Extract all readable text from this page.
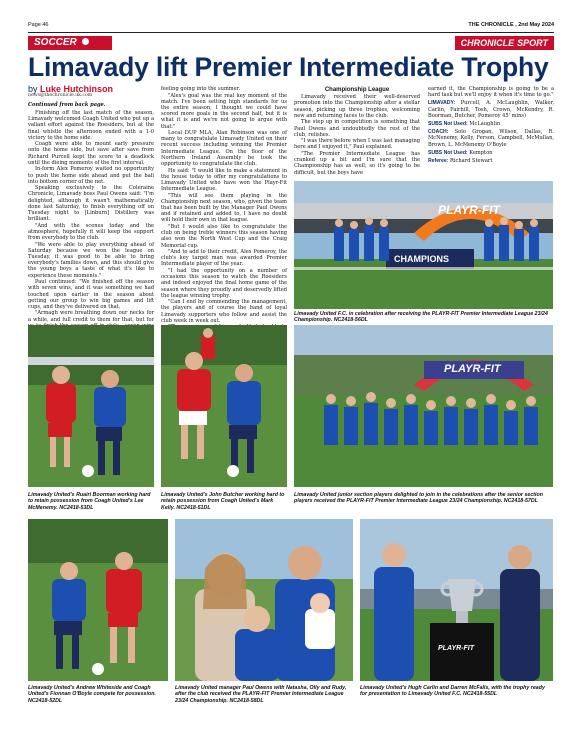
Page 46	THE CHRONICLE , 2nd May 2024
SOCCER	CHRONICLE SPORT
Limavady lift Premier Intermediate Trophy

by Luke Hutchinson

news@thechronicle.uk.com

Continued from back page.

Finishing off the last match of the season, Limavady welcomed Coagh United who put up a valiant effort against the Roesiders, but at the final whistle the afternoon ended with a 1-0 victory to the home side.

Coagh were able to mount early pressure onto the home side, but save after save from Richard Purcell kept the score to a deadlock until the dieing moments of the first interval.

In-form Alex Pomeroy waited no opportunity to push the home side ahead and put the ball into bottom corner of the net.

Speaking exclusively to the Coleraine Chronicle, Limavady boss Paul Owens said: "I'm delighted, although it wasn't mathematically done last Saturday, to finish everything off on Tuesday night to [Linburn] Distillery was brilliant.

"And with the scenes today and the atmosphere, hopefully it will keep the support from everybody to the club.

"We were able to play everything ahead of Saturday because we won the league on Tuesday, it was good to be able to bring everybody's families down, and this should give the young boys a taste of what it's like to experience these moments."

Paul continued: "We finished off the season with seven wins, and it was something we had touched upon earlier in the season about getting our group to win big games and lift cups, and they've delivered on that.

"Armagh were breathing down our necks for a while, and full credit to them for that, but for

feeling going into the summer.

"Alex's goal was the real key moment of the match. I've been setting high standards for us the entire season, I thought we could have scored more goals in the second half, but it is what it is and we're not going to argue with that."

Local DUP MLA, Alan Robinson was one of many to congratulate Limavady United on their recent success including winning the Premier Intermediate League. On the floor of the Northern Ireland Assembly he took the opportunity to congratulate the club.

He said: "I would like to make a statement in the house today to offer my congratulations to Limavady United who have won the Playr-Fit Intermediate League.

"This will see them playing in the Championship next season, who, given the team that has been built by the Manager Paul Owens and if retained and added to, I have no doubt will hold their own in that league.

"But I would also like to congratulate the club on being treble winners this season having also won the North West Cup and the Craig Memorial cup.

"And to add to their credit, Alex Pomeroy, the club's key target man was awarded Premier Intermediate player of the year.

"I had the opportunity on a number of occasions this season to watch the Roesiders and indeed enjoyed the final home game of the season where they proudly and deservedly lifted the league winning trophy.

"Can I end by commending the management, the players and of course the band of loyal Limavady supporters who follow and assist the club week in week out.

Championship League

Limavady received their well-deserved promotion into the Championship after a stellar season, picking up three trophies, welcoming new and returning faces to the club.

The step up in competition is something that Paul Owens and undoubtedly the rest of the club, relishes.

"I was there before when I was last managing here and I enjoyed it," Paul explained.

"The Premier Intermediate League has cranked up a bit and I'm sure that the Championship has as well, so it's going to be difficult, but the boys have

earned it, the Championship is going to be a hard task but we'll enjoy it when it's time to go."

LIMAVADY: Purcell, A. McLaughlin, Walker, Carlin, Fairhill, Tosh, Crown, McKendry, R. Boorman, Butcher, Pomeroy 45' mins)

SUBS Not Used: McLaughlin

COACH: Solo Grogan, Wilson, Dallas, R. McNenemy, Kelly, Ferson, Campbell, McMullan, Brown, L. McMenemy O'Boyle

SUBS Not Used: Kempton

Referee: Richard Stewart

PLAYR-FIT
CHAMPIONS
Limavady United F.C. in celebration after receiving the PLAYR-FIT Premier Intermediate League 23/24 Championship. NC2418-56DL
Limavady United's Ruairi Boorman working hard to retain possession from Coagh United's Lee McMenemy. NC2418-53DL
Limavady United's John Butcher working hard to retain possession from Coagh United's Mark Kelly. NC2418-51DL
PLAYR-FIT
Limavady United junior section players delighted to join in the celebrations after the senior section players received the PLAYR-FIT Premier Intermediate League 23/24 Championship. NC2418-57DL
Limavady United's Andrew Whiteside and Coagh United's Fionnan O'Boyle compete for possession. NC2418-52DL
Limavady United manager Paul Owens with Natasha, Olly and Rudy, after the club received the PLAYR-FIT Premier Intermediate League 23/24 Championship. NC2418-58DL
PLAYR-FIT
Limavady United's Hugh Carlin and Darren McFalls, with the trophy ready for presentation to Limavady United F.C. NC2418-55DL
